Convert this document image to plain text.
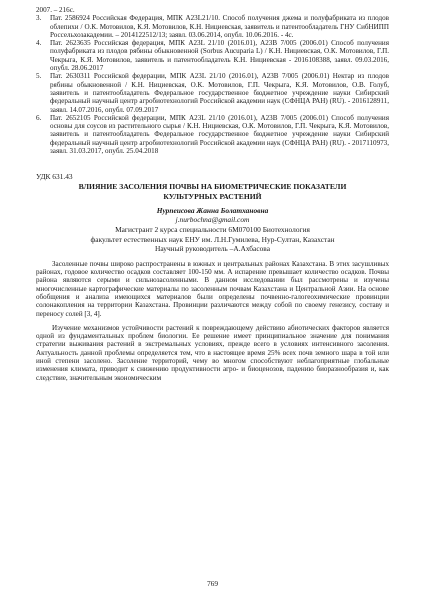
2007. – 216с.

3.	Пат. 2586924 Российская Федерация, МПК A23L21/10. Способ получения джема и полуфабриката из плодов облепихи / О.К. Мотовилов, К.Я. Мотовилов, К.Н. Нициевская, заявитель и патентообладатель ГНУ СибНИПП Россельхозакадемии. – 2014122512/13; заявл. 03.06.2014, опубл. 10.06.2016. - 4с.
4.	Пат. 2623635 Российская федерация, МПК A23L 21/10 (2016.01), A23B 7/005 (2006.01) Способ получения полуфабриката из плодов рябины обыкновенной (Sorbus Aucuparia L) / К.Н. Нициевская, О.К. Мотовилов, Г.П. Чекрыга, К.Я. Мотовилов, заявитель и патентообладатель К.Н. Нициевская - 2016108388, заявл. 09.03.2016, опубл. 28.06.2017
5.	Пат. 2630311 Российской федерации, МПК A23L 21/10 (2016.01), A23B 7/005 (2006.01) Нектар из плодов рябины обыкновенной / К.Н. Нициевская, О.К. Мотовилов, Г.П. Чекрыга, К.Я. Мотовилов, О.В. Голуб, заявитель и патентообладатель Федеральное государственное бюджетное учреждение науки Сибирский федеральный научный центр агробиотехнологий Российской академии наук (СФНЦА РАН) (RU). - 2016128911, заявл. 14.07.2016, опубл. 07.09.2017
6.	Пат. 2652105 Российской федерации, МПК A23L 21/10 (2016.01), A23B 7/005 (2006.01) Способ получения основы для соусов из растительного сырья / К.Н. Нициевская, О.К. Мотовилов, Г.П. Чекрыга, К.Я. Мотовилов, заявитель и патентообладатель Федеральное государственное бюджетное учреждение науки Сибирский федеральный научный центр агробиотехнологий Российской академии наук (СФНЦА РАН) (RU). - 2017110973, заявл. 31.03.2017, опубл. 25.04.2018
УДК 631.43
ВЛИЯНИЕ ЗАСОЛЕНИЯ ПОЧВЫ НА БИОМЕТРИЧЕСКИЕ ПОКАЗАТЕЛИ
КУЛЬТУРНЫХ РАСТЕНИЙ
Нурпеисова Жанна Болатхановна
j.nurbochna@gmail.com
Магистрант 2 курса специальности 6М070100 Биотехнология
факультет естественных наук ЕНУ им. Л.Н.Гумилева, Нур-Султан, Казахстан
Научный руководитель –А.Ахбасова

Засоленные почвы широко распространены в южных и центральных районах Казахстана. В этих засушливых районах, годовое количество осадков составляет 100-150 мм. А испарение превышает количество осадков. Почвы района являются серыми и сильнозасоленными. В данном исследовании был рассмотрены и изучены многочисленные картографические материалы по засоленным почвам Казахстана и Центральной Азии. На основе обобщения и анализа имеющихся материалов были определены почвенно-галогеохимические провинции солонакопления на территории Казахстана. Провинции различаются между собой по своему генезису, составу и переносу солей [3, 4].

Изучение механизмов устойчивости растений к повреждающему действию абиотических факторов является одной из фундаментальных проблем биологии. Ее решение имеет принципиальное значение для понимания стратегии выживания растений в экстремальных условиях, прежде всего в условиях интенсивного засоления. Актуальность данной проблемы определяется тем, что в настоящее время 25% всех почв земного шара в той или иной степени засолено. Засоление территорий, чему во многом способствуют неблагоприятные глобальные изменения климата, приводит к снижению продуктивности агро- и биоценозов, падению биоразнообразия и, как следствие, значительным экономическим

769
